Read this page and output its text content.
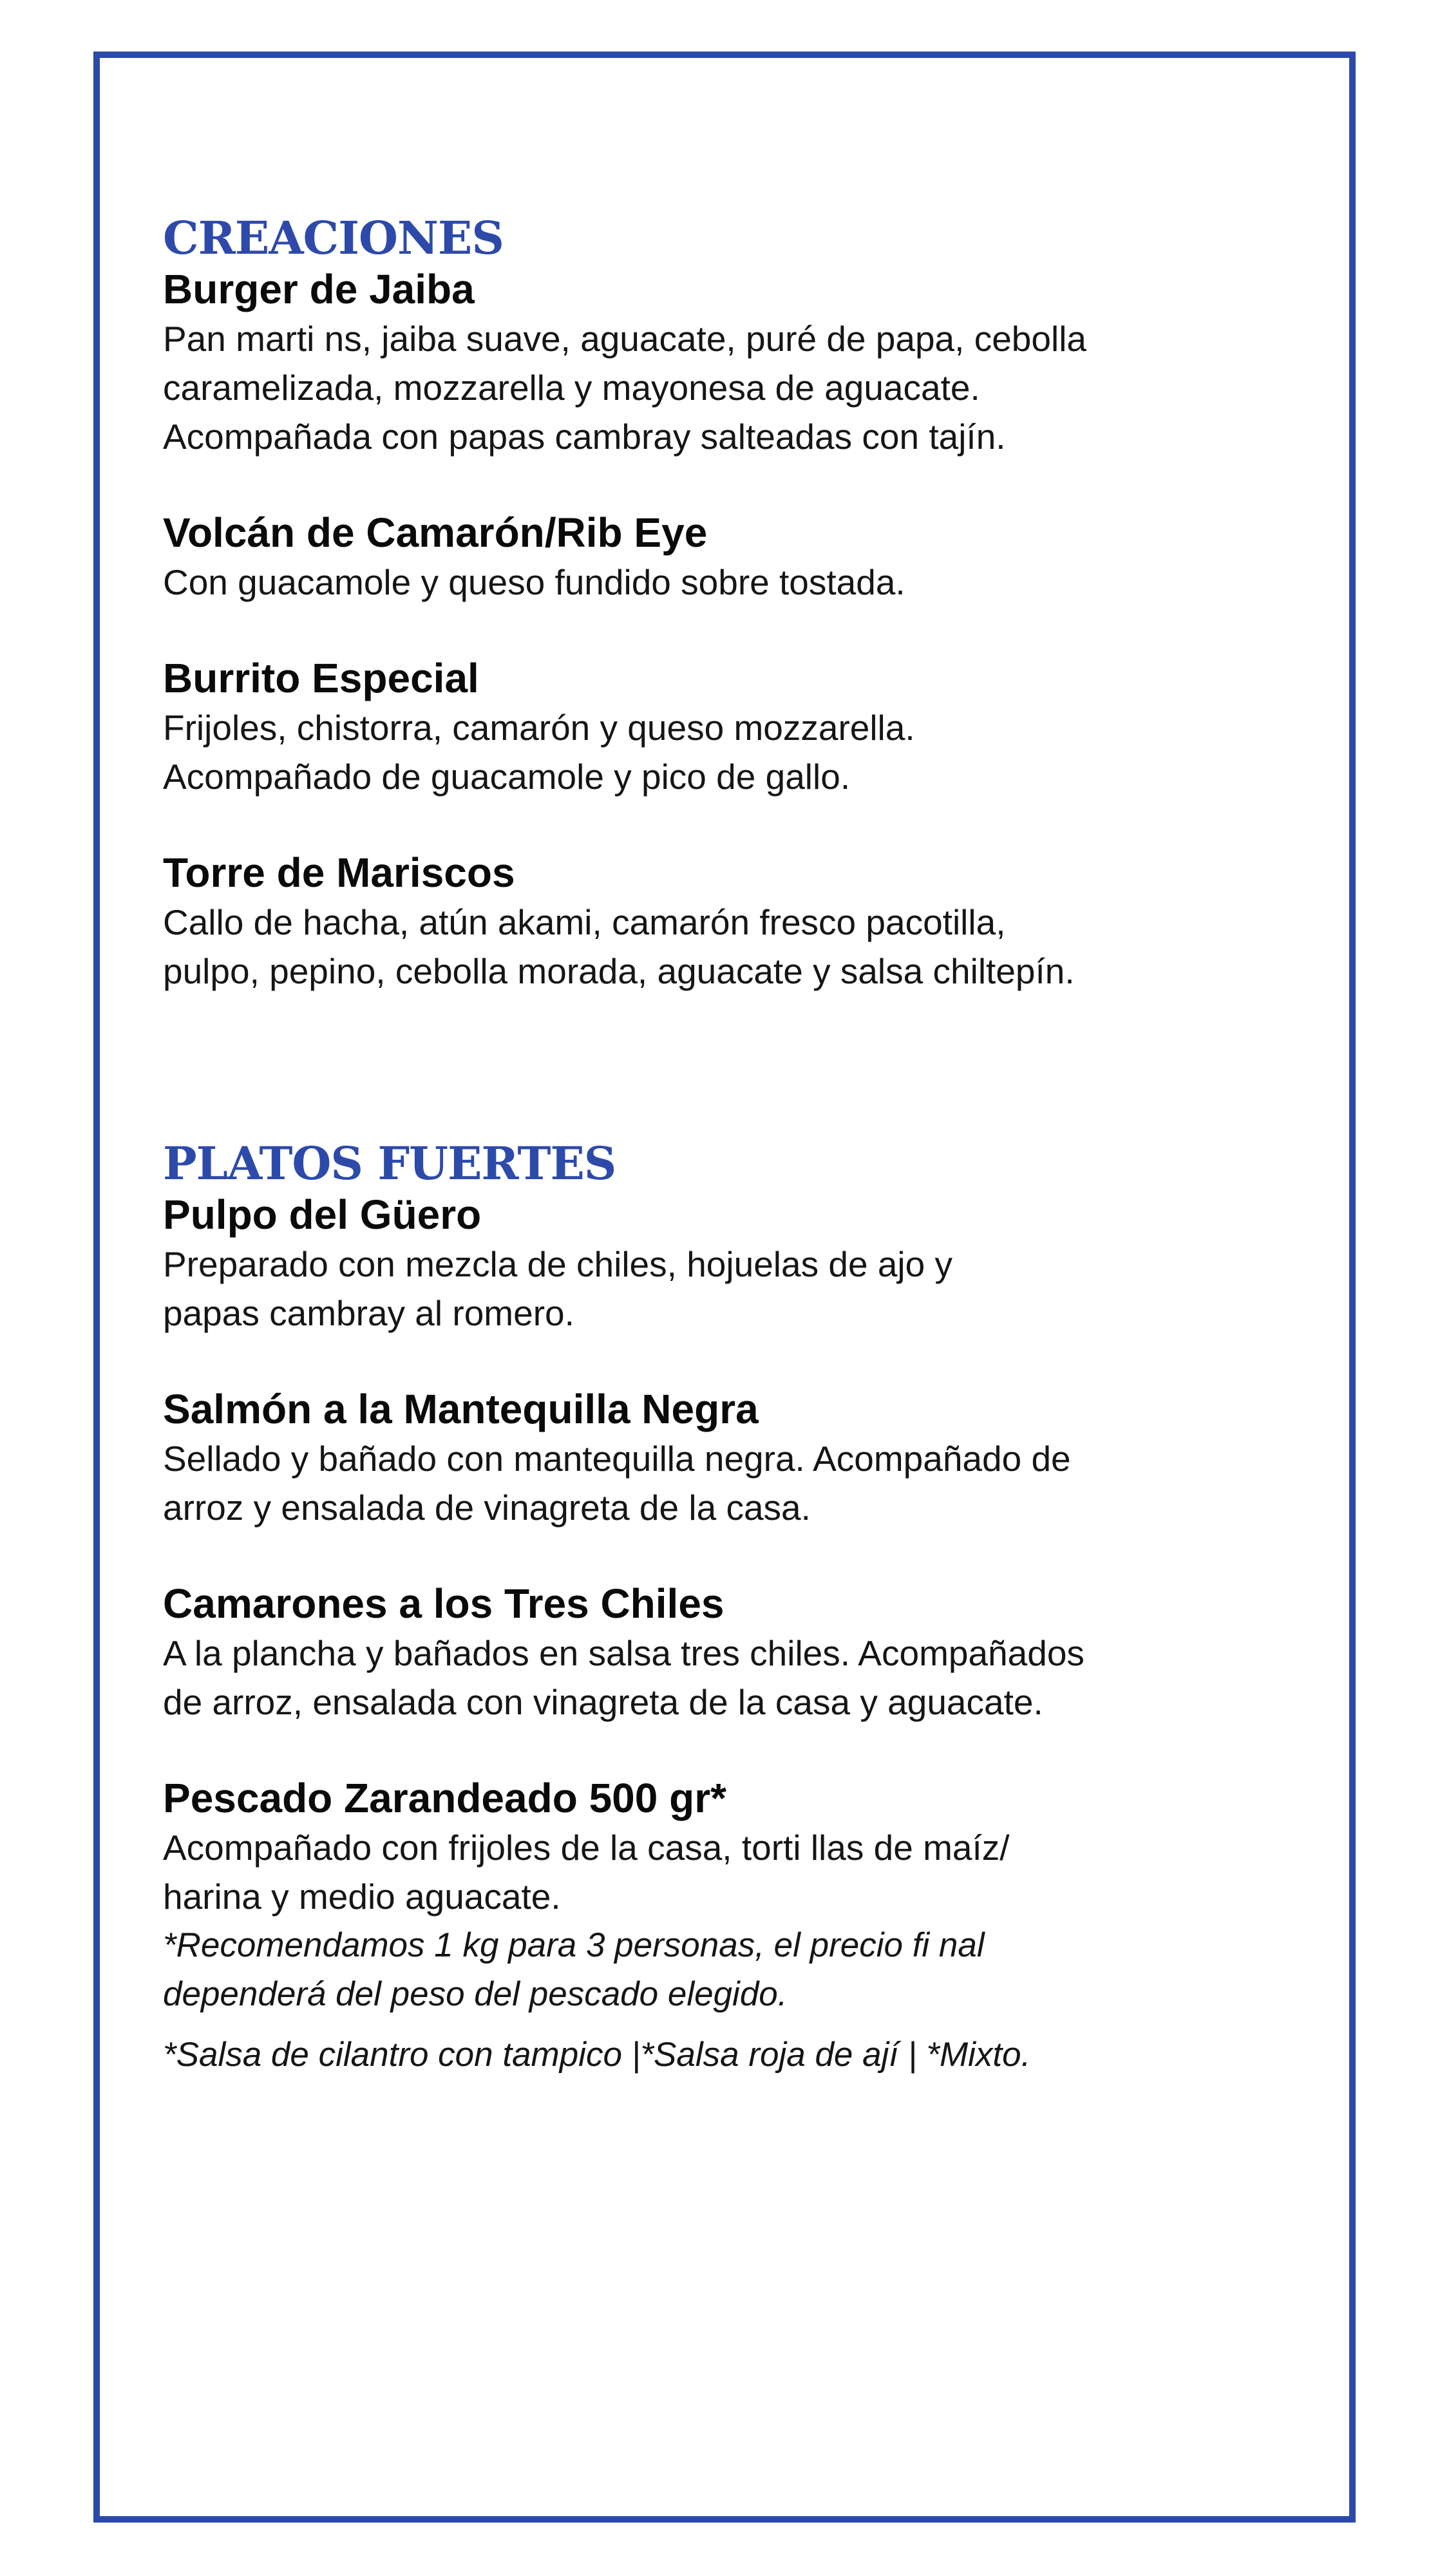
CREACIONES

Burger de Jaiba

Pan marti ns, jaiba suave, aguacate, puré de papa, cebolla
caramelizada, mozzarella y mayonesa de aguacate.
Acompañada con papas cambray salteadas con tajín.

Volcán de Camarón/Rib Eye

Con guacamole y queso fundido sobre tostada.

Burrito Especial

Frijoles, chistorra, camarón y queso mozzarella.
Acompañado de guacamole y pico de gallo.

Torre de Mariscos

Callo de hacha, atún akami, camarón fresco pacotilla,
pulpo, pepino, cebolla morada, aguacate y salsa chiltepín.

PLATOS FUERTES

Pulpo del Güero

Preparado con mezcla de chiles, hojuelas de ajo y
papas cambray al romero.

Salmón a la Mantequilla Negra

Sellado y bañado con mantequilla negra. Acompañado de
arroz y ensalada de vinagreta de la casa.

Camarones a los Tres Chiles

A la plancha y bañados en salsa tres chiles. Acompañados
de arroz, ensalada con vinagreta de la casa y aguacate.

Pescado Zarandeado 500 gr*

Acompañado con frijoles de la casa, torti llas de maíz/
harina y medio aguacate.

*Recomendamos 1 kg para 3 personas, el precio fi nal
dependerá del peso del pescado elegido.

*Salsa de cilantro con tampico |*Salsa roja de ají | *Mixto.
